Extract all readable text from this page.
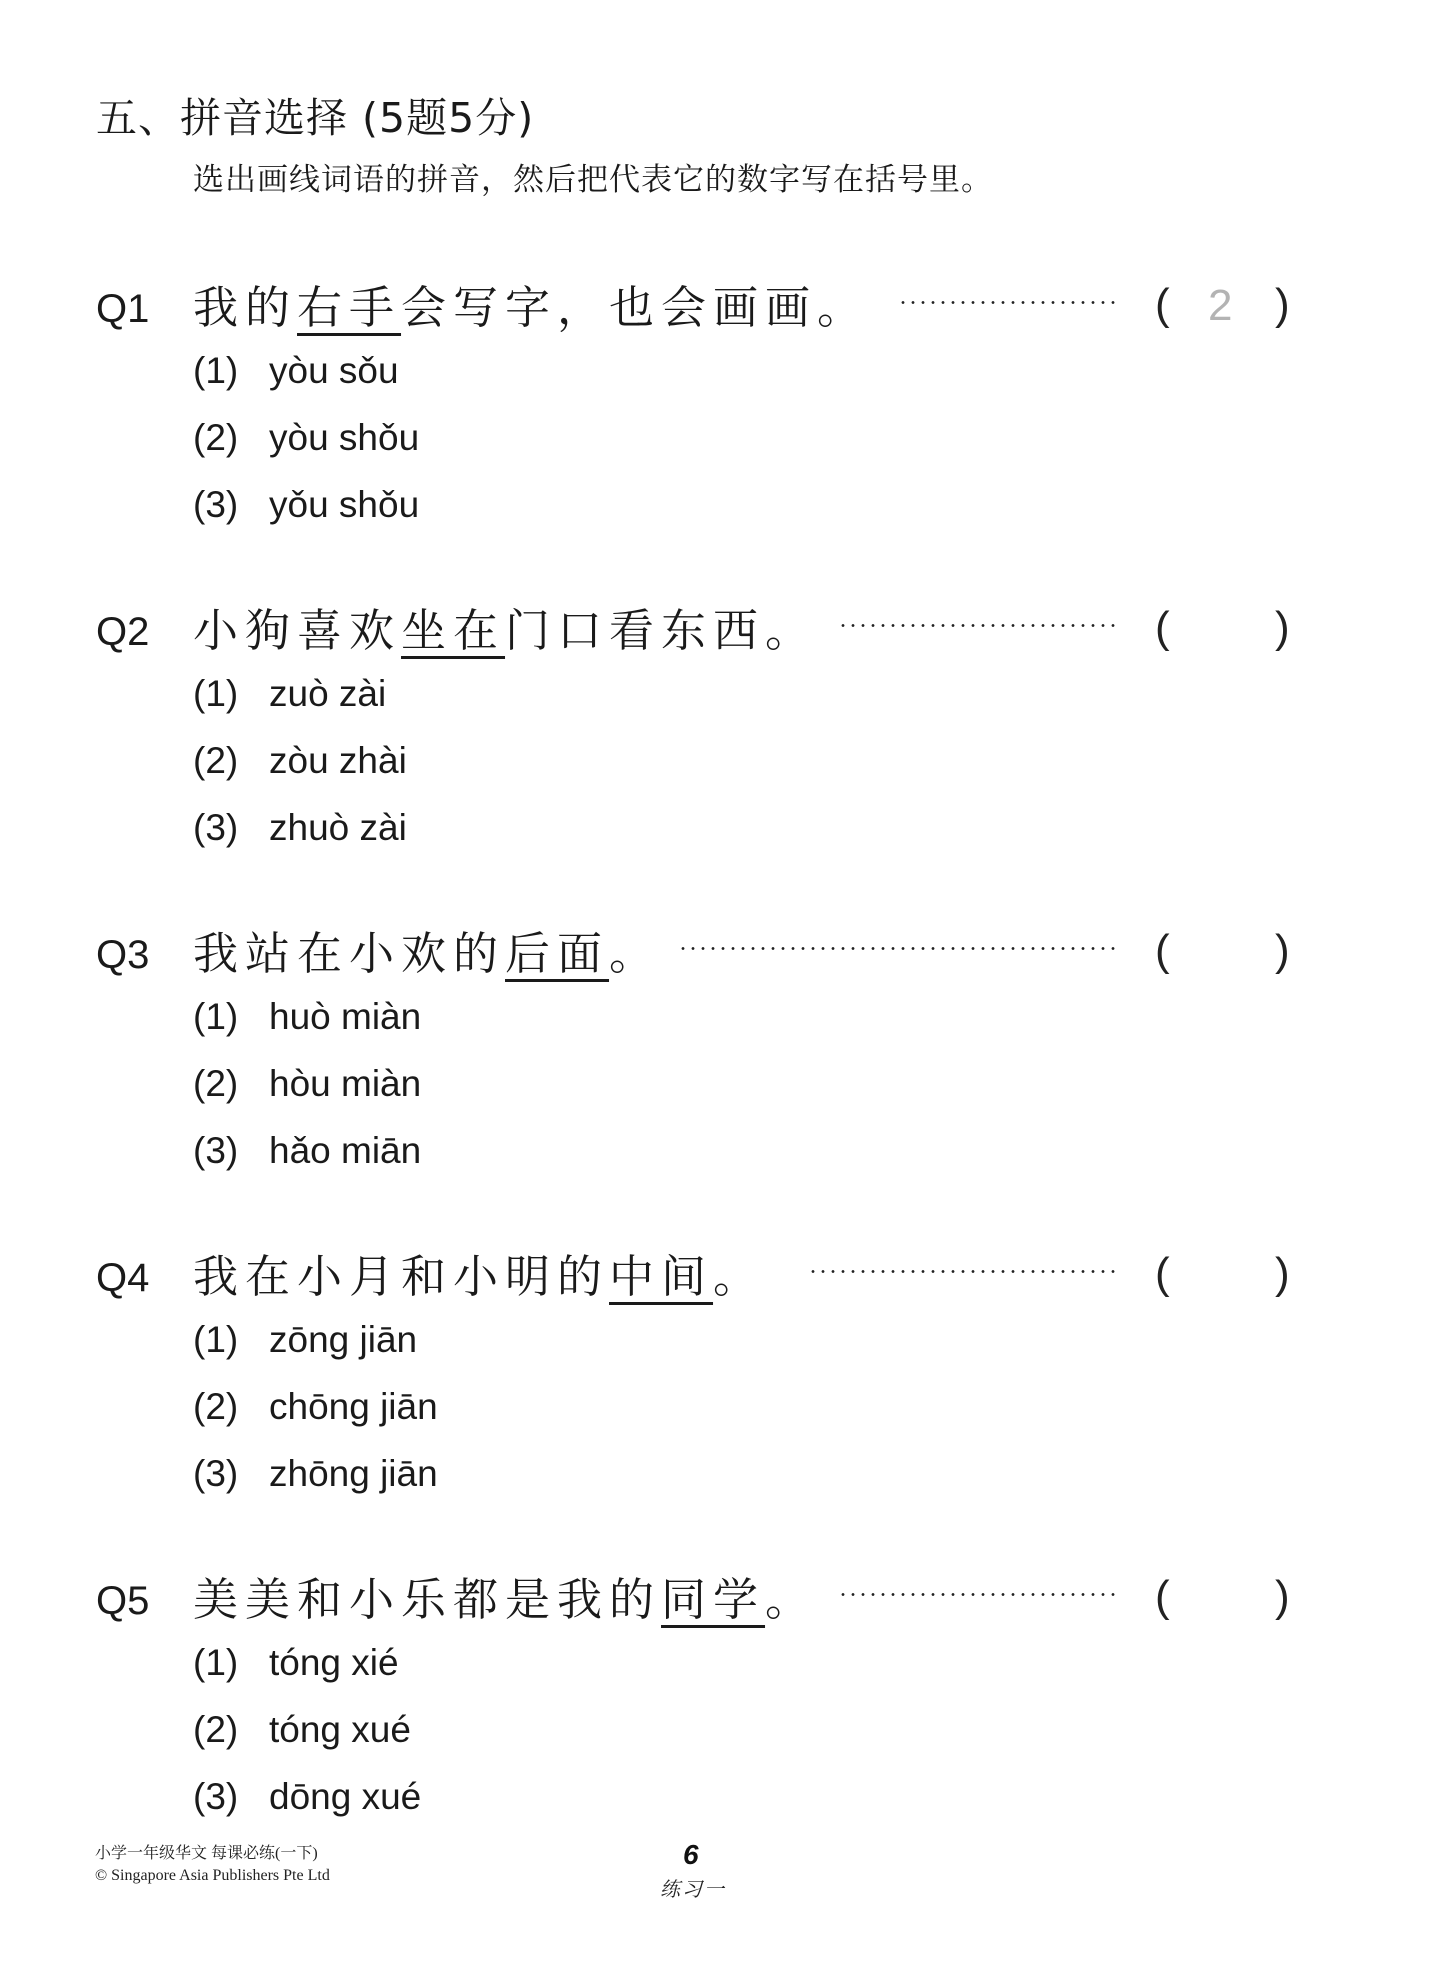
五、拼音选择 (5题5分)
选出画线词语的拼音，然后把代表它的数字写在括号里。
Q1 我的右手会写字，也会画画。	( 2 )
(1) yòu sǒu
(2) yòu shǒu
(3) yǒu shǒu
Q2 小狗喜欢坐在门口看东西。	( )
(1) zuò zài
(2) zòu zhài
(3) zhuò zài
Q3 我站在小欢的后面。	( )
(1) huò miàn
(2) hòu miàn
(3) hǎo miān
Q4 我在小月和小明的中间。	( )
(1) zōng jiān
(2) chōng jiān
(3) zhōng jiān
Q5 美美和小乐都是我的同学。	( )
(1) tóng xié
(2) tóng xué
(3) dōng xué
小学一年级华文 每课必练(一下)
© Singapore Asia Publishers Pte Ltd
6
练习一
